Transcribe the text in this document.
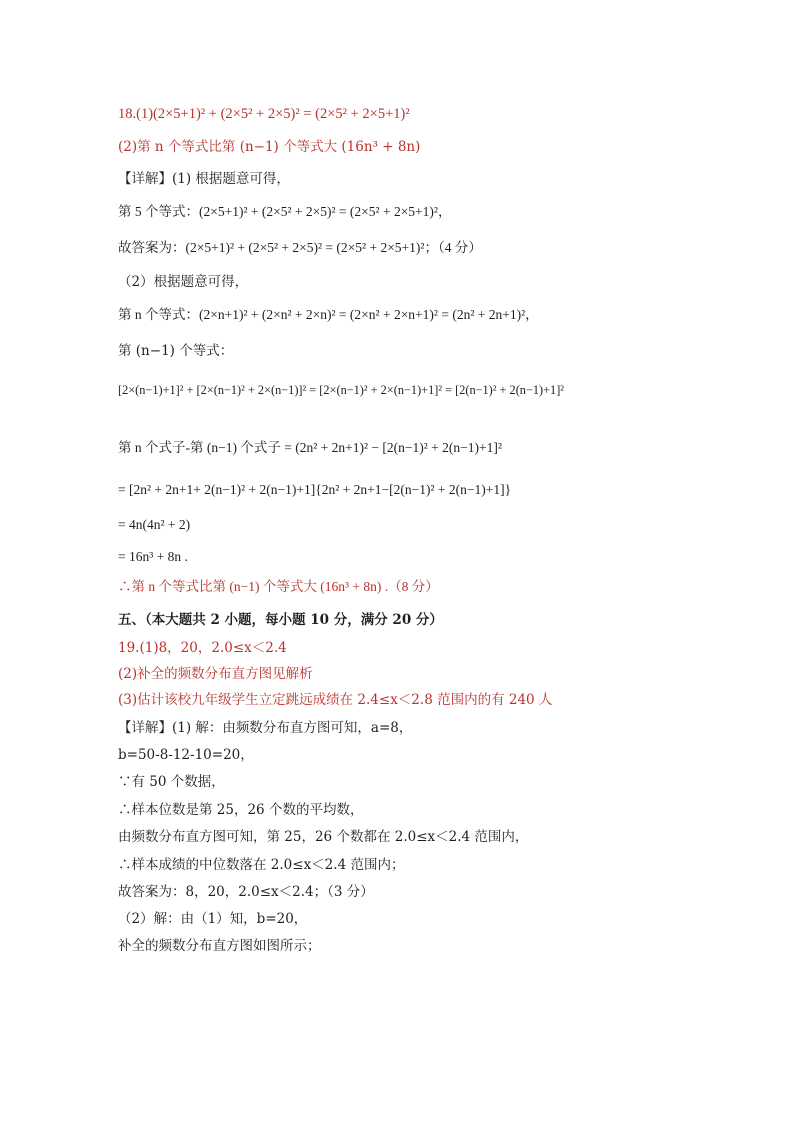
18.(1)(2×5+1)² + (2×5² + 2×5)² = (2×5² + 2×5+1)²
(2)第 n 个等式比第 (n−1) 个等式大 (16n³ + 8n)
【详解】(1) 根据题意可得，
第 5 个等式：(2×5+1)² + (2×5² + 2×5)² = (2×5² + 2×5+1)²，
故答案为：(2×5+1)² + (2×5² + 2×5)² = (2×5² + 2×5+1)²；（4 分）
（2）根据题意可得，
第 n 个等式：(2×n+1)² + (2×n² + 2×n)² = (2×n² + 2×n+1)² = (2n² + 2n+1)²，
第 (n−1) 个等式：
[2×(n−1)+1]² + [2×(n−1)² + 2×(n−1)]² = [2×(n−1)² + 2×(n−1)+1]² = [2(n−1)² + 2(n−1)+1]²
第 n 个式子-第 (n−1) 个式子 = (2n² + 2n+1)² − [2(n−1)² + 2(n−1)+1]²
= [2n² + 2n+1+ 2(n−1)² + 2(n−1)+1]{2n² + 2n+1−[2(n−1)² + 2(n−1)+1]}
= 4n(4n² + 2)
= 16n³ + 8n .
∴第 n 个等式比第 (n−1) 个等式大 (16n³ + 8n) .（8 分）
五、（本大题共 2 小题，每小题 10 分，满分 20 分）
19.(1)8，20，2.0≤x＜2.4
(2)补全的频数分布直方图见解析
(3)估计该校九年级学生立定跳远成绩在 2.4≤x＜2.8 范围内的有 240 人
【详解】(1) 解：由频数分布直方图可知，a=8，
b=50-8-12-10=20，
∵有 50 个数据，
∴样本位数是第 25，26 个数的平均数，
由频数分布直方图可知，第 25，26 个数都在 2.0≤x＜2.4 范围内，
∴样本成绩的中位数落在 2.0≤x＜2.4 范围内；
故答案为：8，20，2.0≤x＜2.4；（3 分）
（2）解：由（1）知，b=20，
补全的频数分布直方图如图所示；
